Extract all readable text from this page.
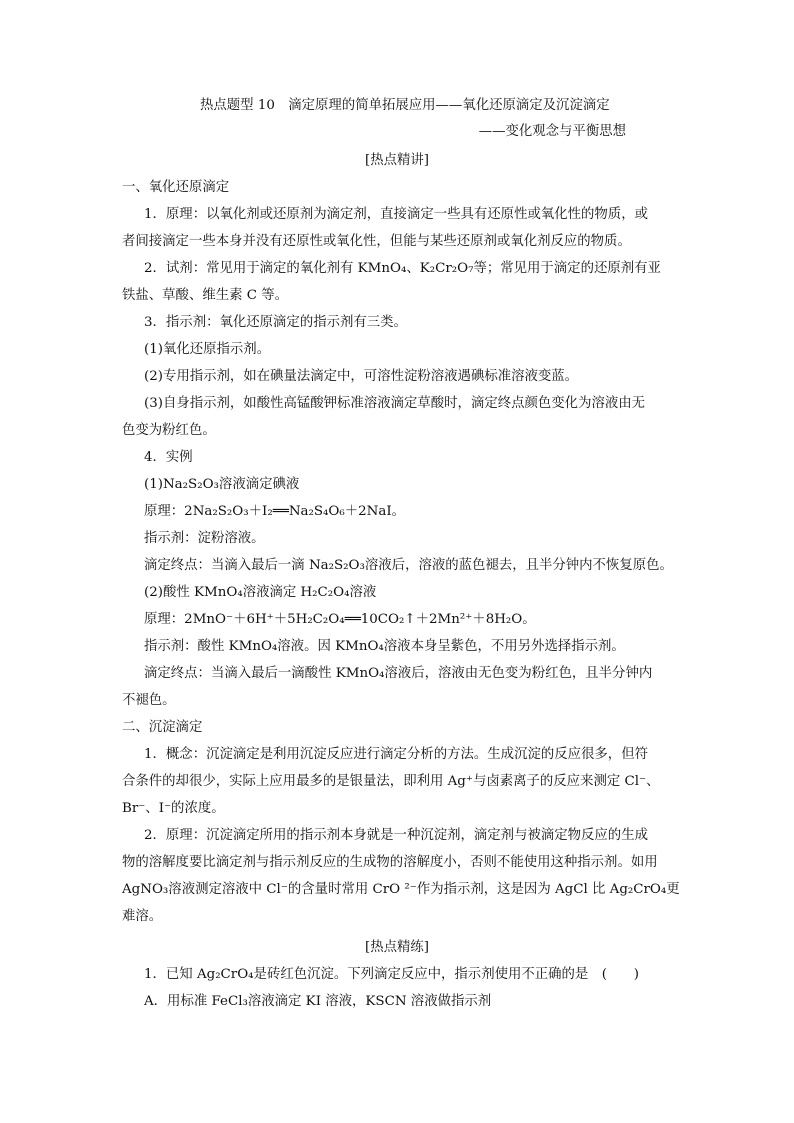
热点题型 10　滴定原理的简单拓展应用——氧化还原滴定及沉淀滴定
——变化观念与平衡思想
[热点精讲]
一、氧化还原滴定
1．原理：以氧化剂或还原剂为滴定剂，直接滴定一些具有还原性或氧化性的物质，或
者间接滴定一些本身并没有还原性或氧化性，但能与某些还原剂或氧化剂反应的物质。
2．试剂：常见用于滴定的氧化剂有 KMnO₄、K₂Cr₂O₇等；常见用于滴定的还原剂有亚
铁盐、草酸、维生素 C 等。
3．指示剂：氧化还原滴定的指示剂有三类。
(1)氧化还原指示剂。
(2)专用指示剂，如在碘量法滴定中，可溶性淀粉溶液遇碘标准溶液变蓝。
(3)自身指示剂，如酸性高锰酸钾标准溶液滴定草酸时，滴定终点颜色变化为溶液由无
色变为粉红色。
4．实例
(1)Na₂S₂O₃溶液滴定碘液
原理：2Na₂S₂O₃＋I₂══Na₂S₄O₆＋2NaI。
指示剂：淀粉溶液。
滴定终点：当滴入最后一滴 Na₂S₂O₃溶液后，溶液的蓝色褪去，且半分钟内不恢复原色。
(2)酸性 KMnO₄溶液滴定 H₂C₂O₄溶液
原理：2MnO⁻＋6H⁺＋5H₂C₂O₄══10CO₂↑＋2Mn²⁺＋8H₂O。
指示剂：酸性 KMnO₄溶液。因 KMnO₄溶液本身呈紫色，不用另外选择指示剂。
滴定终点：当滴入最后一滴酸性 KMnO₄溶液后，溶液由无色变为粉红色，且半分钟内
不褪色。
二、沉淀滴定
1．概念：沉淀滴定是利用沉淀反应进行滴定分析的方法。生成沉淀的反应很多，但符
合条件的却很少，实际上应用最多的是银量法，即利用 Ag⁺与卤素离子的反应来测定 Cl⁻、
Br⁻、I⁻的浓度。
2．原理：沉淀滴定所用的指示剂本身就是一种沉淀剂，滴定剂与被滴定物反应的生成
物的溶解度要比滴定剂与指示剂反应的生成物的溶解度小，否则不能使用这种指示剂。如用
AgNO₃溶液测定溶液中 Cl⁻的含量时常用 CrO ²⁻作为指示剂，这是因为 AgCl 比 Ag₂CrO₄更
难溶。
[热点精练]
1．已知 Ag₂CrO₄是砖红色沉淀。下列滴定反应中，指示剂使用不正确的是　(　　)
A．用标准 FeCl₃溶液滴定 KI 溶液，KSCN 溶液做指示剂
